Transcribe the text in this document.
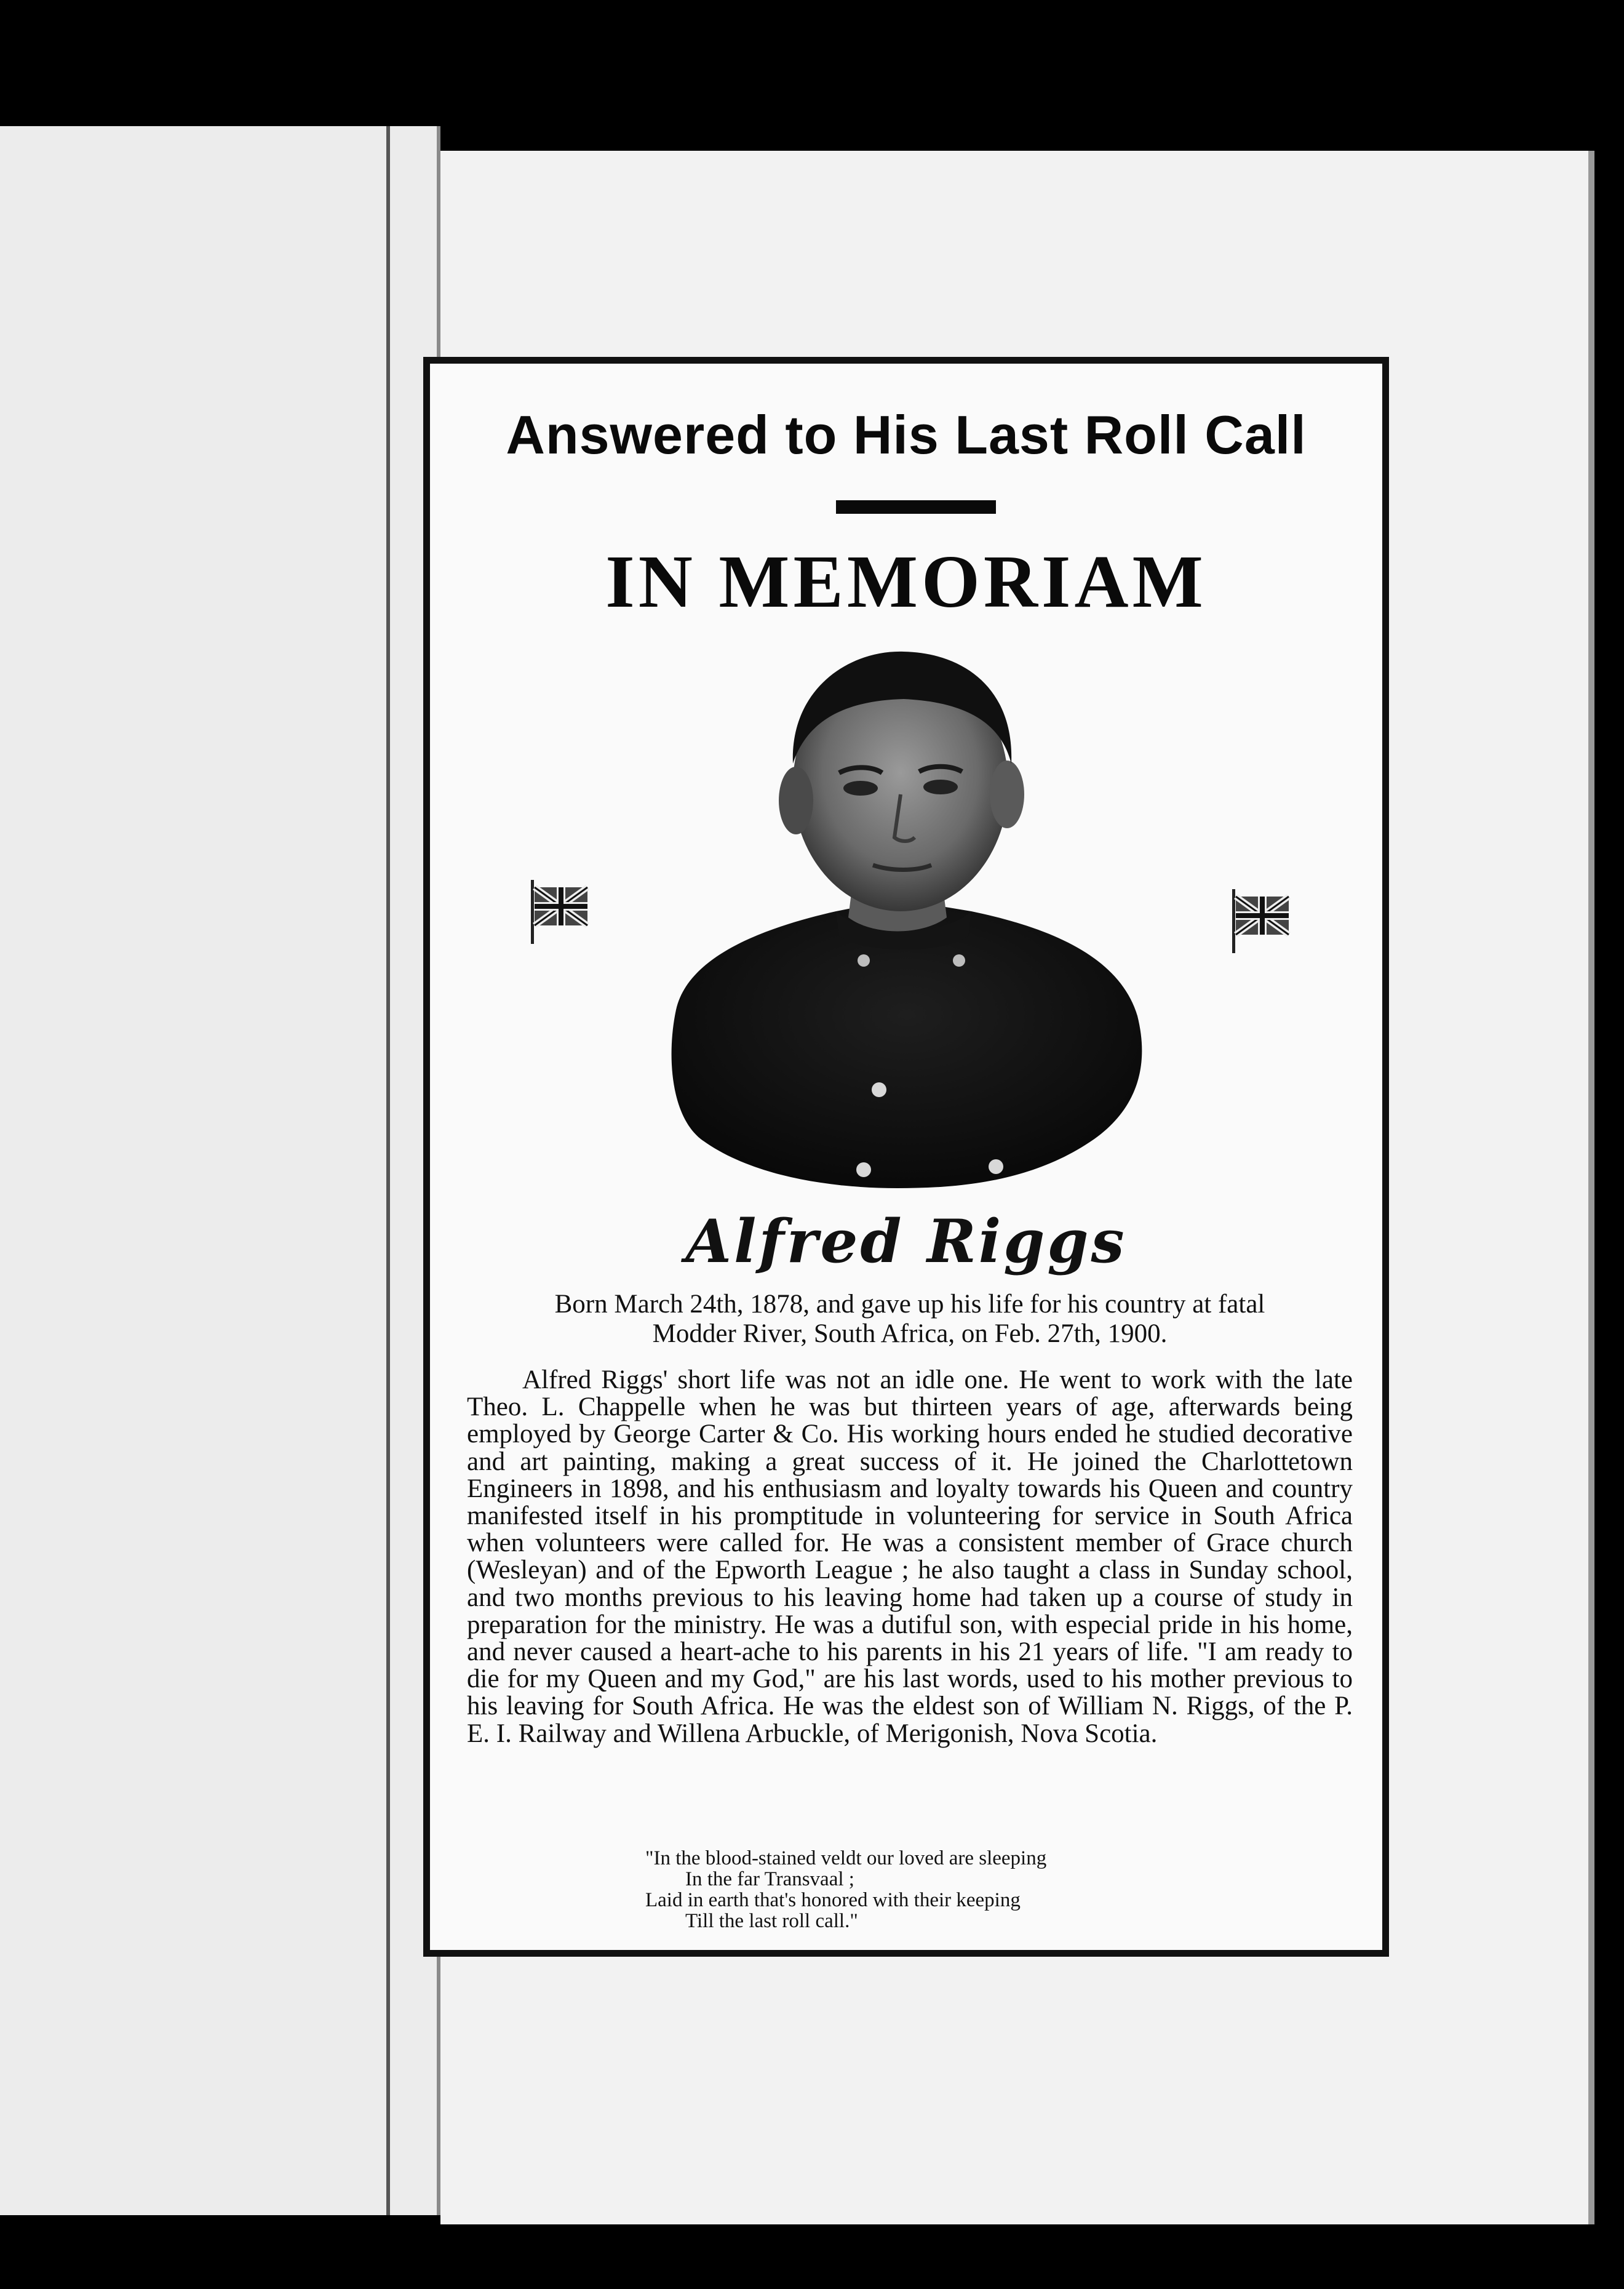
Answered to His Last Roll Call
IN MEMORIAM
Alfred Riggs
Born March 24th, 1878, and gave up his life for his country at fatal
Modder River, South Africa, on Feb. 27th, 1900.

Alfred Riggs' short life was not an idle one. He went to work with the late Theo. L. Chappelle when he was but thirteen years of age, afterwards being employed by George Carter & Co. His working hours ended he studied decorative and art painting, making a great success of it. He joined the Charlottetown Engineers in 1898, and his enthusiasm and loyalty towards his Queen and country manifested itself in his promptitude in volunteering for service in South Africa when volunteers were called for. He was a consistent member of Grace church (Wesleyan) and of the Epworth League ; he also taught a class in Sunday school, and two months previous to his leaving home had taken up a course of study in preparation for the ministry. He was a dutiful son, with especial pride in his home, and never caused a heart-ache to his parents in his 21 years of life. "I am ready to die for my Queen and my God," are his last words, used to his mother previous to his leaving for South Africa. He was the eldest son of William N. Riggs, of the P. E. I. Railway and Willena Arbuckle, of Merigonish, Nova Scotia.

"In the blood-stained veldt our loved are sleeping
In the far Transvaal ;
Laid in earth that's honored with their keeping
Till the last roll call."
